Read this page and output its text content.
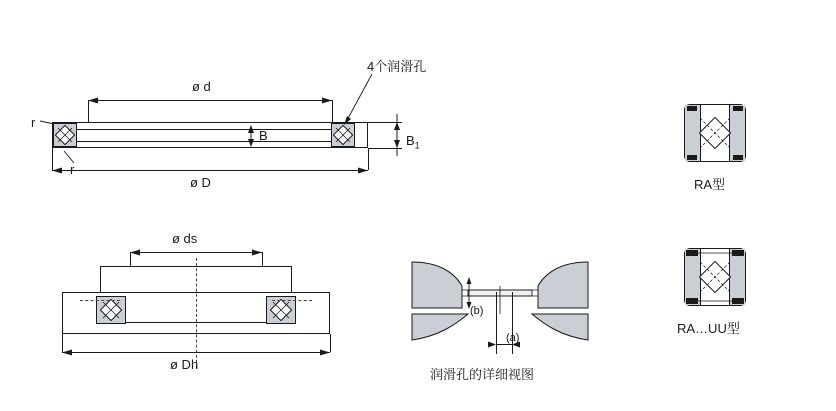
ø d
ø D
B	$B_1$
r
r
4个润滑孔
ø ds
ø Dh
(b)
(a)
润滑孔的详细视图
RA型
RA…UU型
